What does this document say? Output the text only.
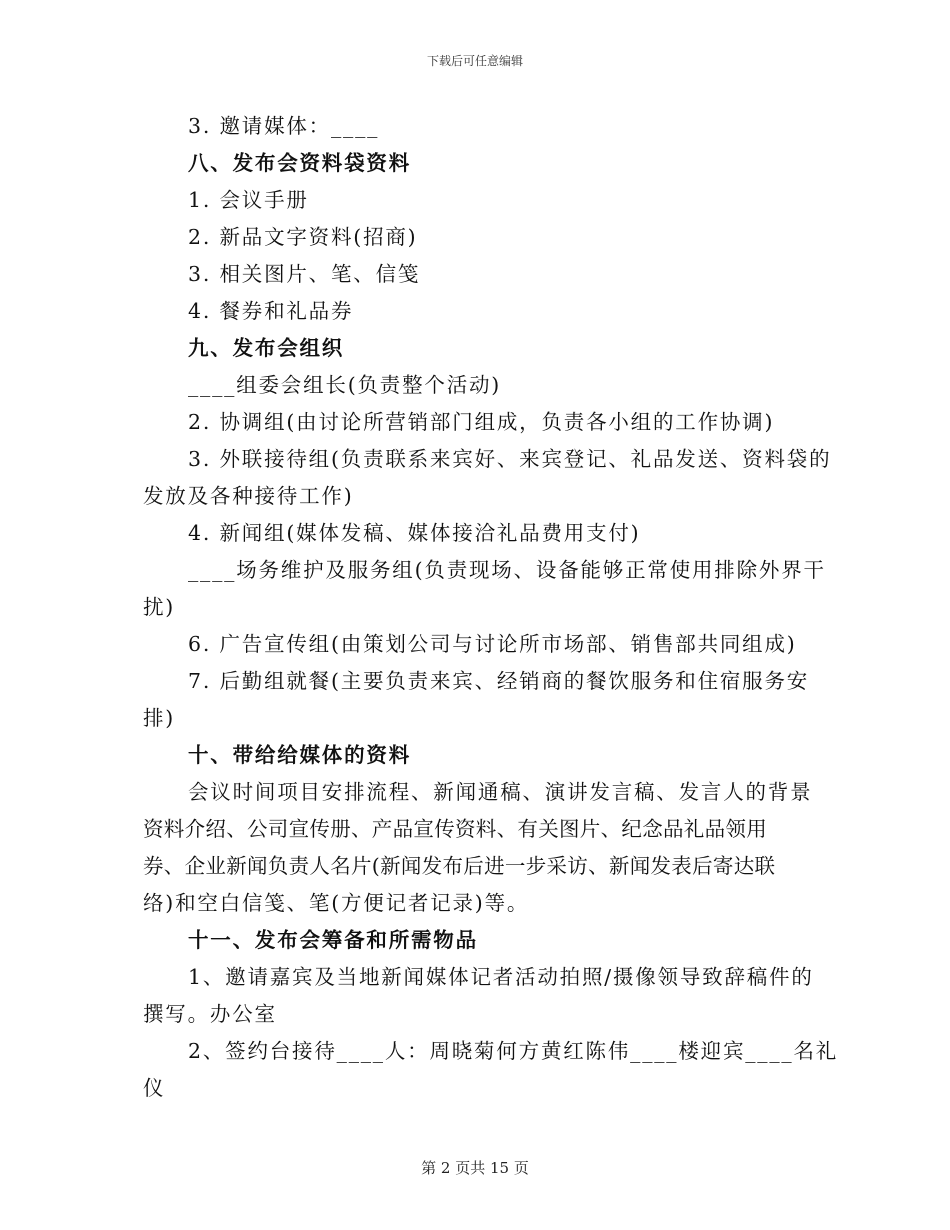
下载后可任意编辑
3. 邀请媒体：____
八、发布会资料袋资料
1. 会议手册
2. 新品文字资料(招商)
3. 相关图片、笔、信笺
4. 餐券和礼品券
九、发布会组织
____组委会组长(负责整个活动)
2. 协调组(由讨论所营销部门组成，负责各小组的工作协调)
3. 外联接待组(负责联系来宾好、来宾登记、礼品发送、资料袋的
发放及各种接待工作)
4. 新闻组(媒体发稿、媒体接洽礼品费用支付)
____场务维护及服务组(负责现场、设备能够正常使用排除外界干
扰)
6. 广告宣传组(由策划公司与讨论所市场部、销售部共同组成)
7. 后勤组就餐(主要负责来宾、经销商的餐饮服务和住宿服务安
排)
十、带给给媒体的资料
会议时间项目安排流程、新闻通稿、演讲发言稿、发言人的背景
资料介绍、公司宣传册、产品宣传资料、有关图片、纪念品礼品领用
券、企业新闻负责人名片(新闻发布后进一步采访、新闻发表后寄达联
络)和空白信笺、笔(方便记者记录)等。
十一、发布会筹备和所需物品
1、邀请嘉宾及当地新闻媒体记者活动拍照/摄像领导致辞稿件的
撰写。办公室
2、签约台接待____人：周晓菊何方黄红陈伟____楼迎宾____名礼
仪
第 2 页共 15 页
